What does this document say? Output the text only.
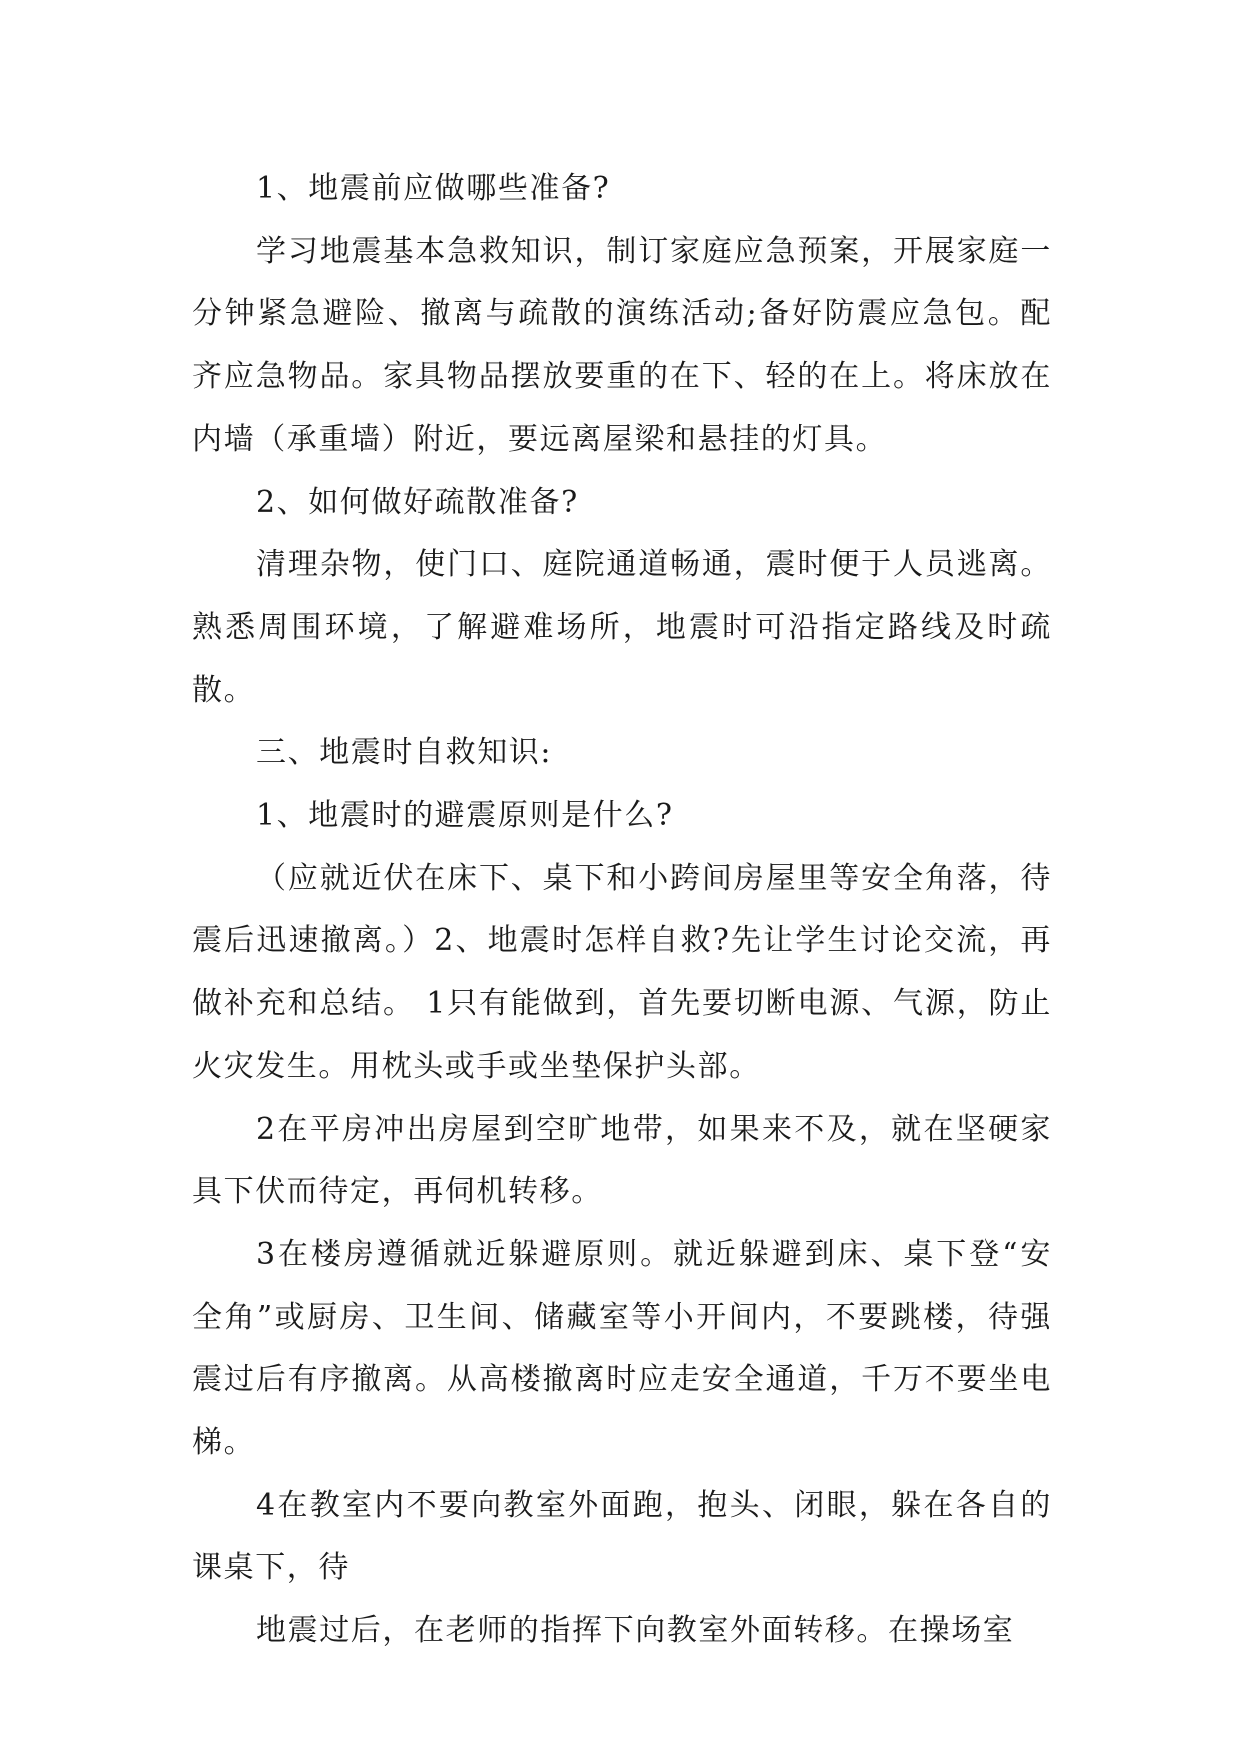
1、地震前应做哪些准备?

学习地震基本急救知识，制订家庭应急预案，开展家庭一分钟紧急避险、撤离与疏散的演练活动;备好防震应急包。配齐应急物品。家具物品摆放要重的在下、轻的在上。将床放在内墙（承重墙）附近，要远离屋梁和悬挂的灯具。

2、如何做好疏散准备?

清理杂物，使门口、庭院通道畅通，震时便于人员逃离。熟悉周围环境，了解避难场所，地震时可沿指定路线及时疏散。

三、地震时自救知识:

1、地震时的避震原则是什么?

（应就近伏在床下、桌下和小跨间房屋里等安全角落，待震后迅速撤离。）2、地震时怎样自救?先让学生讨论交流，再做补充和总结。 1只有能做到，首先要切断电源、气源，防止火灾发生。用枕头或手或坐垫保护头部。

2在平房冲出房屋到空旷地带，如果来不及，就在坚硬家具下伏而待定，再伺机转移。

3在楼房遵循就近躲避原则。就近躲避到床、桌下登“安全角”或厨房、卫生间、储藏室等小开间内，不要跳楼，待强震过后有序撤离。从高楼撤离时应走安全通道，千万不要坐电梯。

4在教室内不要向教室外面跑，抱头、闭眼，躲在各自的课桌下，待

地震过后，在老师的指挥下向教室外面转移。在操场室
